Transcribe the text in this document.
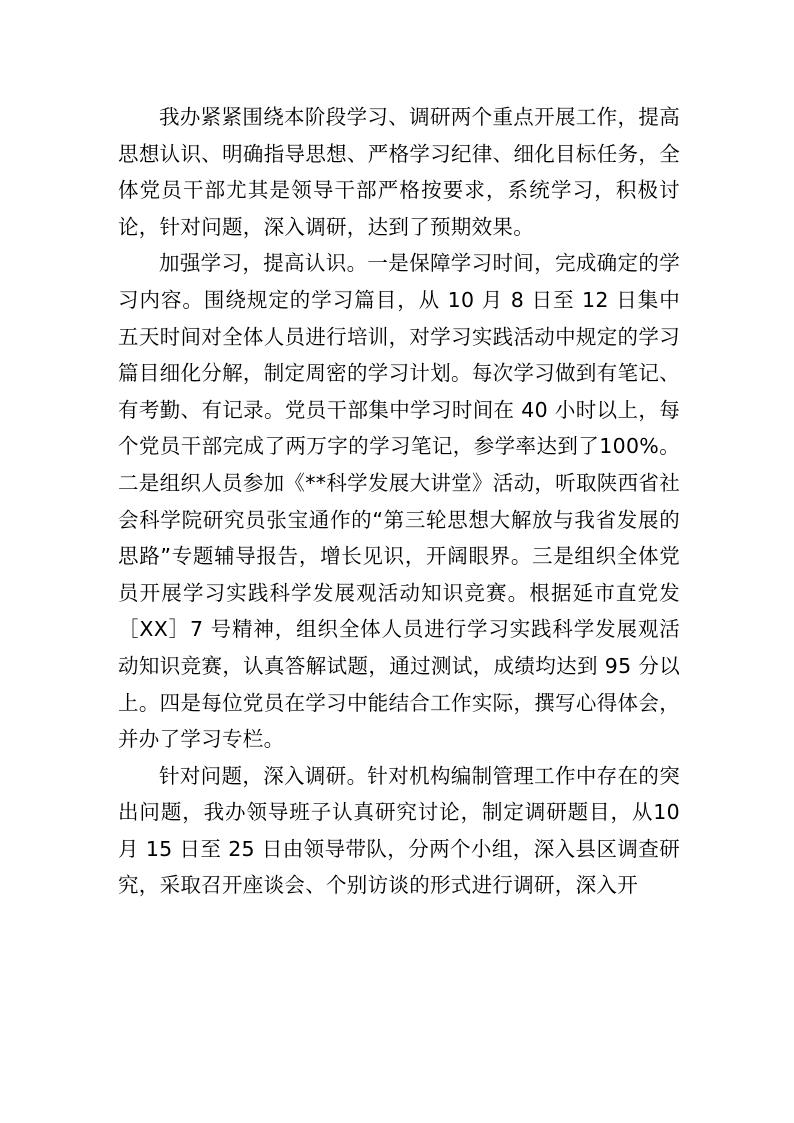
我办紧紧围绕本阶段学习、调研两个重点开展工作，提高思想认识、明确指导思想、严格学习纪律、细化目标任务，全体党员干部尤其是领导干部严格按要求，系统学习，积极讨论，针对问题，深入调研，达到了预期效果。

加强学习，提高认识。一是保障学习时间，完成确定的学习内容。围绕规定的学习篇目，从 10 月 8 日至 12 日集中五天时间对全体人员进行培训，对学习实践活动中规定的学习篇目细化分解，制定周密的学习计划。每次学习做到有笔记、有考勤、有记录。党员干部集中学习时间在 40 小时以上，每个党员干部完成了两万字的学习笔记，参学率达到了100%。二是组织人员参加《**科学发展大讲堂》活动，听取陕西省社会科学院研究员张宝通作的“第三轮思想大解放与我省发展的思路”专题辅导报告，增长见识，开阔眼界。三是组织全体党员开展学习实践科学发展观活动知识竞赛。根据延市直党发［XX］7 号精神，组织全体人员进行学习实践科学发展观活动知识竞赛，认真答解试题，通过测试，成绩均达到 95 分以上。四是每位党员在学习中能结合工作实际，撰写心得体会，并办了学习专栏。

针对问题，深入调研。针对机构编制管理工作中存在的突出问题，我办领导班子认真研究讨论，制定调研题目，从10 月 15 日至 25 日由领导带队，分两个小组，深入县区调查研究，采取召开座谈会、个别访谈的形式进行调研，深入开
